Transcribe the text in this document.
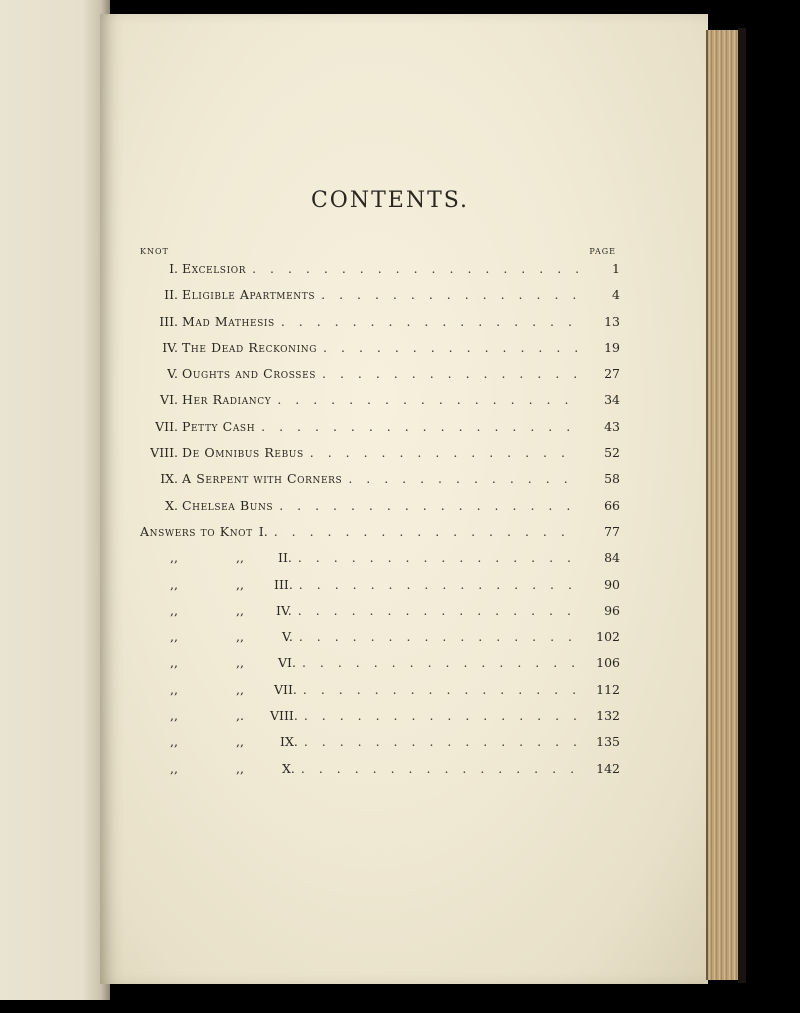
CONTENTS.
KNOT	PAGE
I. Excelsior . . .	1
II. Eligible Apartments . . .	4
III. Mad Mathesis . . .	13
IV. The Dead Reckoning . . .	19
V. Oughts and Crosses . . .	27
VI. Her Radiancy . . .	34
VII. Petty Cash . . .	43
VIII. De Omnibus Rebus . . .	52
IX. A Serpent with Corners . . .	58
X. Chelsea Buns . . .	66
Answers to Knot I. . . .	77
,,	,,	II. . . .	84
,,	,,	III. . . .	90
,,	,,	IV. . . .	96
,,	,,	V. . . .	102
,,	,,	VI. . . .	106
,,	,,	VII. . . .	112
,,	,.	VIII. . . .	132
,,	,,	IX. . . .	135
,,	,,	X. . . .	142
